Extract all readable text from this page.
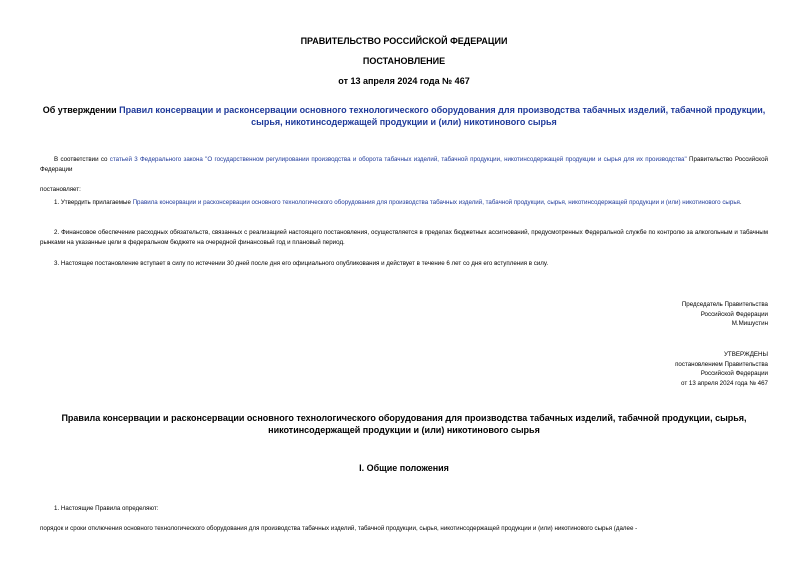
ПРАВИТЕЛЬСТВО РОССИЙСКОЙ ФЕДЕРАЦИИ
ПОСТАНОВЛЕНИЕ
от 13 апреля 2024 года № 467
Об утверждении Правил консервации и расконсервации основного технологического оборудования для производства табачных изделий, табачной продукции, сырья, никотинсодержащей продукции и (или) никотинового сырья
В соответствии со статьей 3 Федерального закона "О государственном регулировании производства и оборота табачных изделий, табачной продукции, никотинсодержащей продукции и сырья для их производства" Правительство Российской Федерации
постановляет:
1. Утвердить прилагаемые Правила консервации и расконсервации основного технологического оборудования для производства табачных изделий, табачной продукции, сырья, никотинсодержащей продукции и (или) никотинового сырья.
2. Финансовое обеспечение расходных обязательств, связанных с реализацией настоящего постановления, осуществляется в пределах бюджетных ассигнований, предусмотренных Федеральной службе по контролю за алкогольным и табачным рынками на указанные цели в федеральном бюджете на очередной финансовый год и плановый период.
3. Настоящее постановление вступает в силу по истечении 30 дней после дня его официального опубликования и действует в течение 6 лет со дня его вступления в силу.
Председатель Правительства
Российской Федерации
М.Мишустин
УТВЕРЖДЕНЫ
постановлением Правительства
Российской Федерации
от 13 апреля 2024 года № 467
Правила консервации и расконсервации основного технологического оборудования для производства табачных изделий, табачной продукции, сырья, никотинсодержащей продукции и (или) никотинового сырья
I. Общие положения
1. Настоящие Правила определяют:
порядок и сроки отключения основного технологического оборудования для производства табачных изделий, табачной продукции, сырья, никотинсодержащей продукции и (или) никотинового сырья (далее -
